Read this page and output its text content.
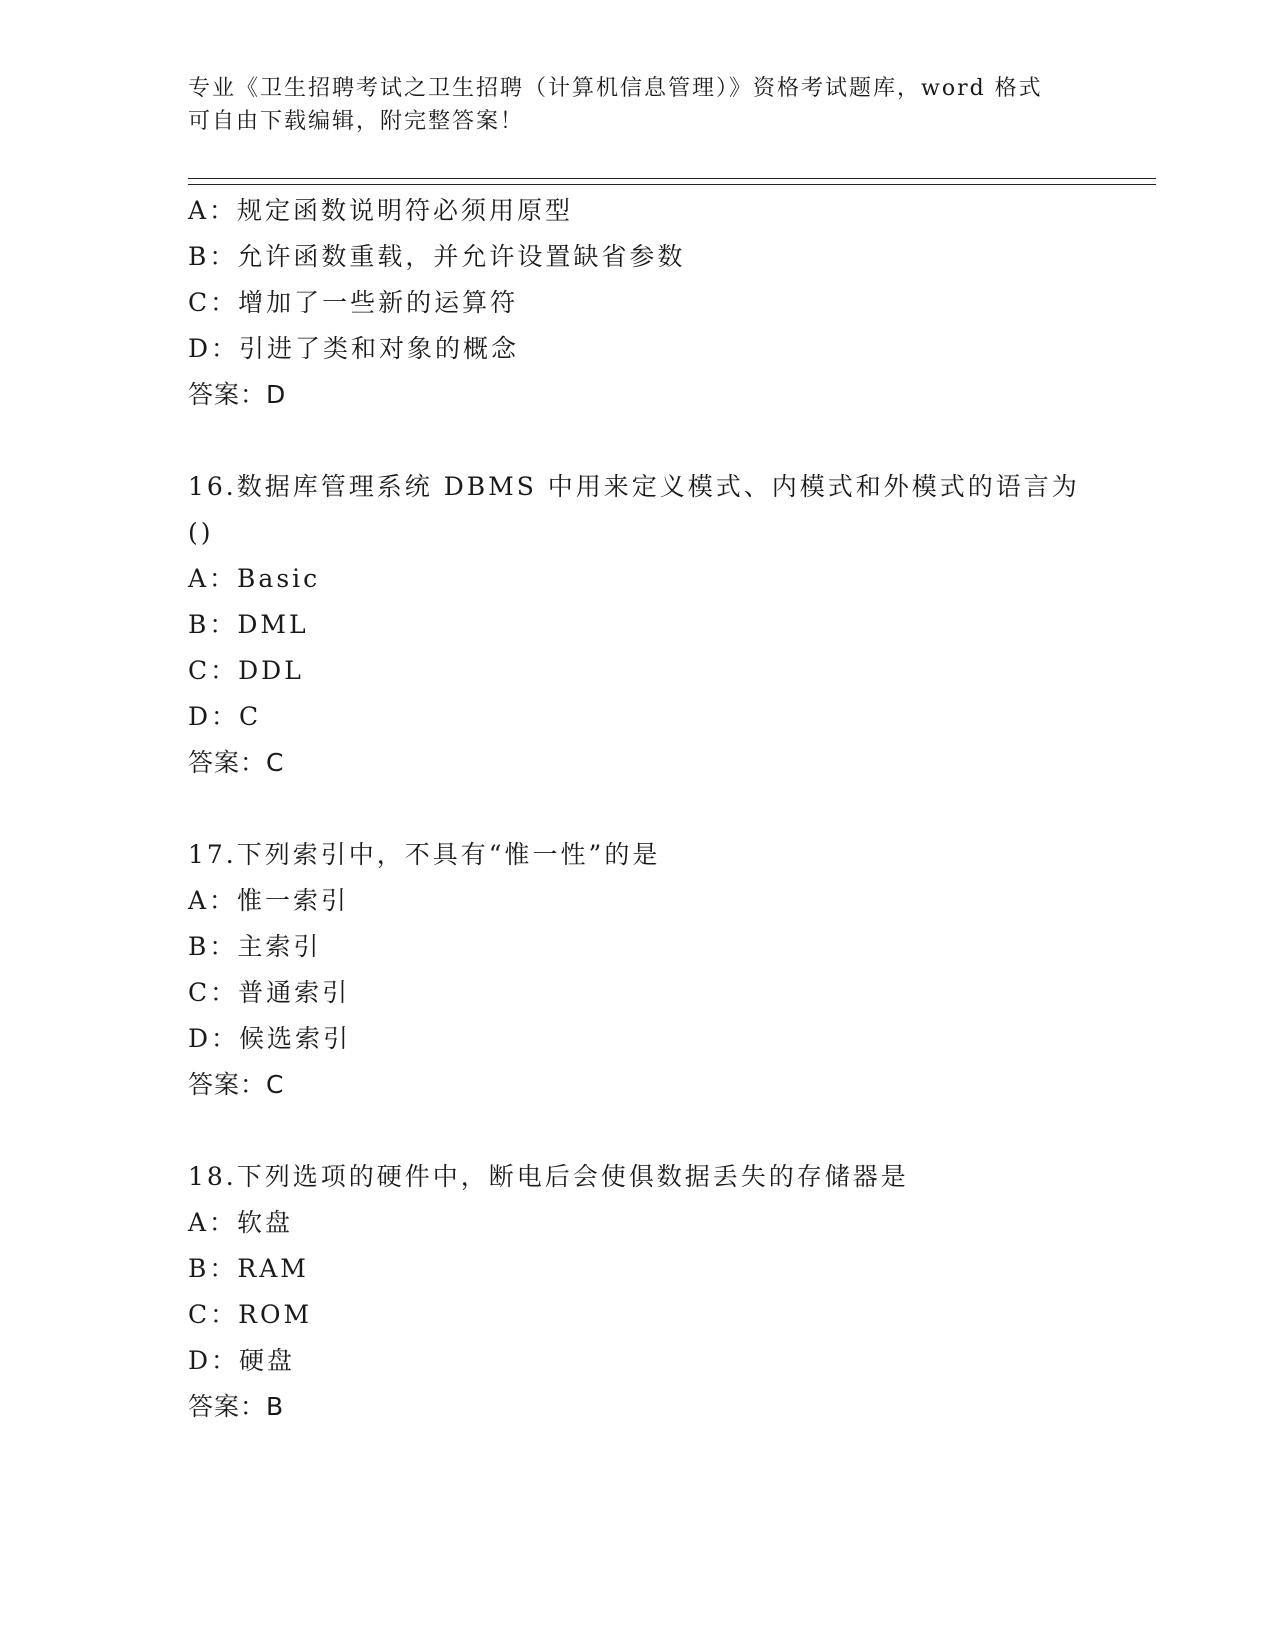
专业《卫生招聘考试之卫生招聘（计算机信息管理）》资格考试题库，word 格式
可自由下载编辑，附完整答案！
A：规定函数说明符必须用原型
B：允许函数重载，并允许设置缺省参数
C：增加了一些新的运算符
D：引进了类和对象的概念
答案：D
16.数据库管理系统 DBMS 中用来定义模式、内模式和外模式的语言为
()
A：Basic
B：DML
C：DDL
D：C
答案：C
17.下列索引中，不具有“惟一性”的是
A：惟一索引
B：主索引
C：普通索引
D：候选索引
答案：C
18.下列选项的硬件中，断电后会使俱数据丢失的存储器是
A：软盘
B：RAM
C：ROM
D：硬盘
答案：B
